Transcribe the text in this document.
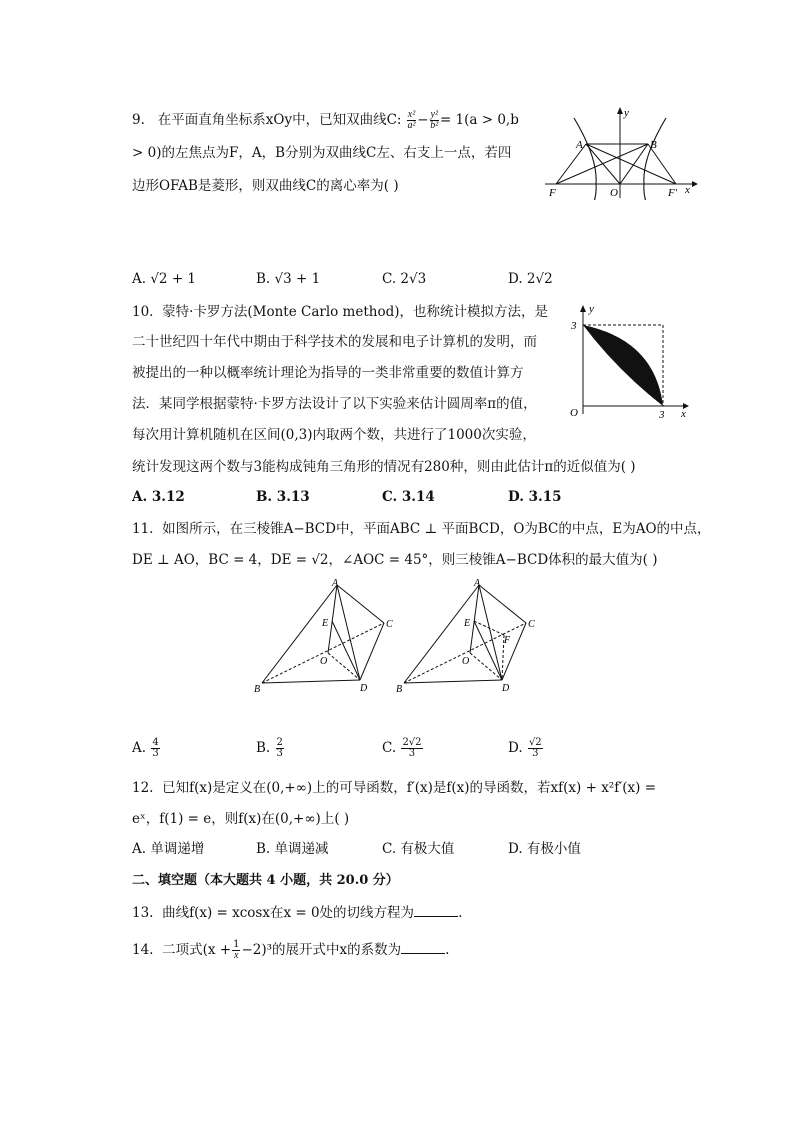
9. 在平面直角坐标系xOy中，已知双曲线C: $\frac{\text{x²}}{\text{a²}} - \frac{\text{y²}}{\text{b²}} = 1(a > 0,b$
> 0)的左焦点为F，A，B分别为双曲线C左、右支上一点，若四
边形OFAB是菱形，则双曲线C的离心率为( )
A	B
F	O	F′ x
y
A. √2 + 1	B. √3 + 1	C. 2√3	D. 2√2
10. 蒙特·卡罗方法(Monte Carlo method)，也称统计模拟方法，是
二十世纪四十年代中期由于科学技术的发展和电子计算机的发明，而
被提出的一种以概率统计理论为指导的一类非常重要的数值计算方
法．某同学根据蒙特·卡罗方法设计了以下实验来估计圆周率π的值，
每次用计算机随机在区间(0,3)内取两个数，共进行了1000次实验，
统计发现这两个数与3能构成钝角三角形的情况有280种，则由此估计π的近似值为( )
3
3
O
y
x
A. 3.12	B. 3.13	C. 3.14	D. 3.15
11. 如图所示，在三棱锥A−BCD中，平面ABC ⊥ 平面BCD，O为BC的中点，E为AO的中点，
DE ⊥ AO，BC = 4，DE = √2，∠AOC = 45°，则三棱锥A−BCD体积的最大值为( )
A
B
C
D
E
O
A
B
C
D
E
O
F
A. $\frac{4}{3}$	B. $\frac{2}{3}$	C. $\frac{2√2}{3}$	D. $\frac{√2}{3}$
12. 已知f(x)是定义在(0,+∞)上的可导函数，f′(x)是f(x)的导函数，若xf(x) + x²f′(x) =
eˣ，f(1) = e，则f(x)在(0,+∞)上( )
A. 单调递增	B. 单调递减	C. 有极大值	D. 有极小值
二、填空题（本大题共 4 小题，共 20.0 分）
13. 曲线f(x) = xcosx在x = 0处的切线方程为	.
14. 二项式$(x + \frac{1}{x} -2)^3$的展开式中x的系数为	.
